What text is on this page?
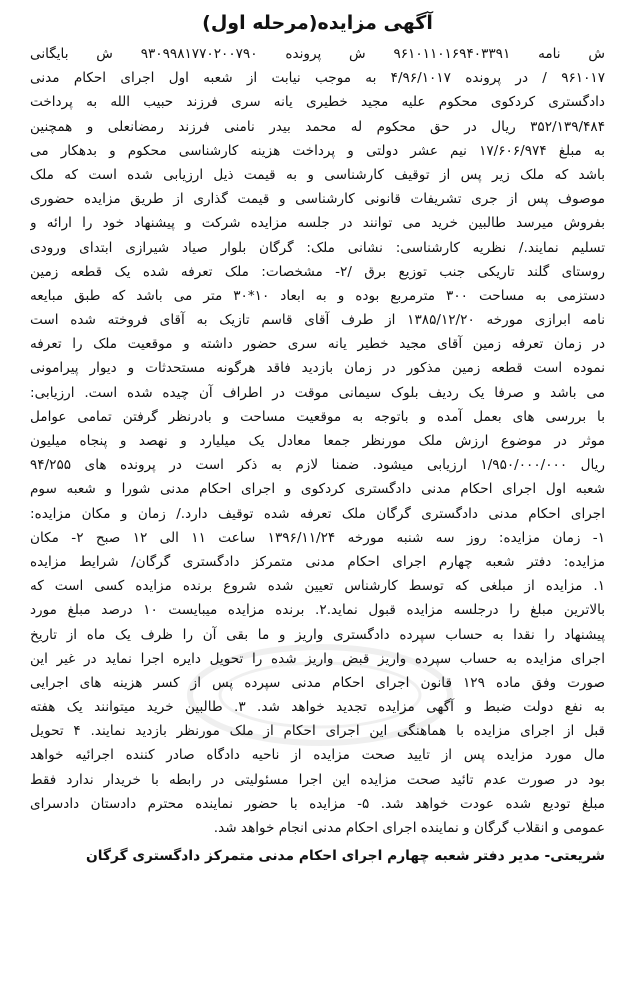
آگهی مزایده(مرحله اول)
ش نامه ۹۶۱۰۱۱۰۱۶۹۴۰۳۳۹۱ ش پرونده ۹۳۰۹۹۸۱۷۷۰۲۰۰۷۹۰ ش بایگانی
۹۶۱۰۱۷ / در پرونده ۴/۹۶/۱۰۱۷ به موجب نیابت از شعبه اول اجرای احکام مدنی
دادگستری کردکوی محکوم علیه مجید خطیری یانه سری فرزند حبیب الله به پرداخت
۳۵۲/۱۳۹/۴۸۴ ریال در حق محکوم له محمد بیدر نامنی فرزند رمضانعلی و همچنین
به مبلغ ۱۷/۶۰۶/۹۷۴ نیم عشر دولتی و پرداخت هزینه کارشناسی محکوم و بدهکار می
باشد که ملک زیر پس از توقیف کارشناسی و به قیمت ذیل ارزیابی شده است که ملک
موصوف پس از جری تشریفات قانونی کارشناسی و قیمت گذاری از طریق مزایده حضوری
بفروش میرسد طالبین خرید می توانند در جلسه مزایده شرکت و پیشنهاد خود را ارائه و
تسلیم نمایند./ نظریه کارشناسی: نشانی ملک: گرگان بلوار صیاد شیرازی ابتدای ورودی
روستای گلند تاریکی جنب توزیع برق /۲- مشخصات: ملک تعرفه شده یک قطعه زمین
دستزمی به مساحت ۳۰۰ مترمربع بوده و به ابعاد ۱۰*۳۰ متر می باشد که طبق مبایعه
نامه ابرازی مورخه ۱۳۸۵/۱۲/۲۰ از طرف آقای قاسم تازیک به آقای فروخته شده است
در زمان تعرفه زمین آقای مجید خطیر یانه سری حضور داشته و موقعیت ملک را تعرفه
نموده است قطعه زمین مذکور در زمان بازدید فاقد هرگونه مستحدثات و دیوار پیرامونی
می باشد و صرفا یک ردیف بلوک سیمانی موقت در اطراف آن چیده شده است. ارزیابی:
با بررسی های بعمل آمده و باتوجه به موقعیت مساحت و بادرنظر گرفتن تمامی عوامل
موثر در موضوع ارزش ملک مورنظر جمعا معادل یک میلیارد و نهصد و پنجاه میلیون
ریال ۱/۹۵۰/۰۰۰/۰۰۰ ارزیابی میشود. ضمنا لازم به ذکر است در پرونده های ۹۴/۲۵۵
شعبه اول اجرای احکام مدنی دادگستری کردکوی و اجرای احکام مدنی شورا و شعبه سوم
اجرای احکام مدنی دادگستری گرگان ملک تعرفه شده توقیف دارد./ زمان و مکان مزایده:
۱- زمان مزایده: روز سه شنبه مورخه ۱۳۹۶/۱۱/۲۴ ساعت ۱۱ الی ۱۲ صبح ۲- مکان
مزایده: دفتر شعبه چهارم اجرای احکام مدنی متمرکز دادگستری گرگان/ شرایط مزایده
۱. مزایده از مبلغی که توسط کارشناس تعیین شده شروع برنده مزایده کسی است که
بالاترین مبلغ را درجلسه مزایده قبول نماید.۲. برنده مزایده میبایست ۱۰ درصد مبلغ مورد
پیشنهاد را نقدا به حساب سپرده دادگستری واریز و ما بقی آن را ظرف یک ماه از تاریخ
اجرای مزایده به حساب سپرده واریز قبض واریز شده را تحویل دایره اجرا نماید در غیر این
صورت وفق ماده ۱۲۹ قانون اجرای احکام مدنی سپرده پس از کسر هزینه های اجرایی
به نفع دولت ضبط و آگهی مزایده تجدید خواهد شد. ۳. طالبین خرید میتوانند یک هفته
قبل از اجرای مزایده با هماهنگی این اجرای احکام از ملک مورنظر بازدید نمایند. ۴ تحویل
مال مورد مزایده پس از تایید صحت مزایده از ناحیه دادگاه صادر کننده اجرائیه خواهد
بود در صورت عدم تائید صحت مزایده این اجرا مسئولیتی در رابطه با خریدار ندارد فقط
مبلغ تودیع شده عودت خواهد شد. ۵- مزایده با حضور نماینده محترم دادستان دادسرای
عمومی و انقلاب گرگان و نماینده اجرای احکام مدنی انجام خواهد شد.
شریعتی- مدیر دفتر شعبه چهارم اجرای احکام مدنی متمرکز دادگستری گرگان
